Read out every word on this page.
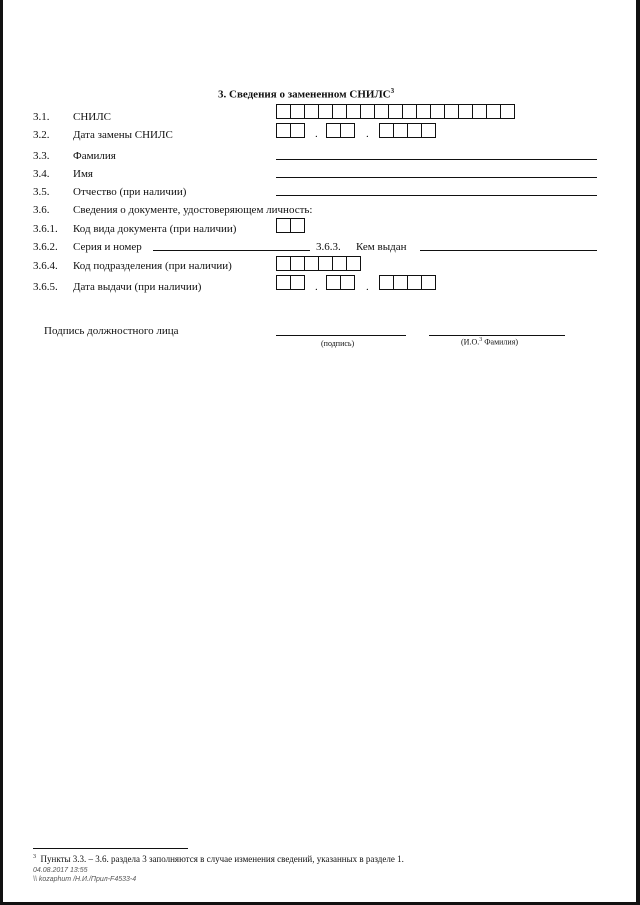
3. Сведения о замененном СНИЛС$^3$
3.1. СНИЛС
3.2. Дата замены СНИЛС	.	.
3.3. Фамилия
3.4. Имя
3.5. Отчество (при наличии)
3.6. Сведения о документе, удостоверяющем личность:
3.6.1. Код вида документа (при наличии)
3.6.2. Серия и номер	3.6.3. Кем выдан
3.6.4. Код подразделения (при наличии)
3.6.5. Дата выдачи (при наличии)	.	.
Подпись должностного лица
(подпись)	(И.О.$^3$ Фамилия)
$^3$ Пункты 3.3. – 3.6. раздела 3 заполняются в случае изменения сведений, указанных в разделе 1.
04.08.2017 13:55
\\ kozaphum /Н.И./Прил-F4533-4
